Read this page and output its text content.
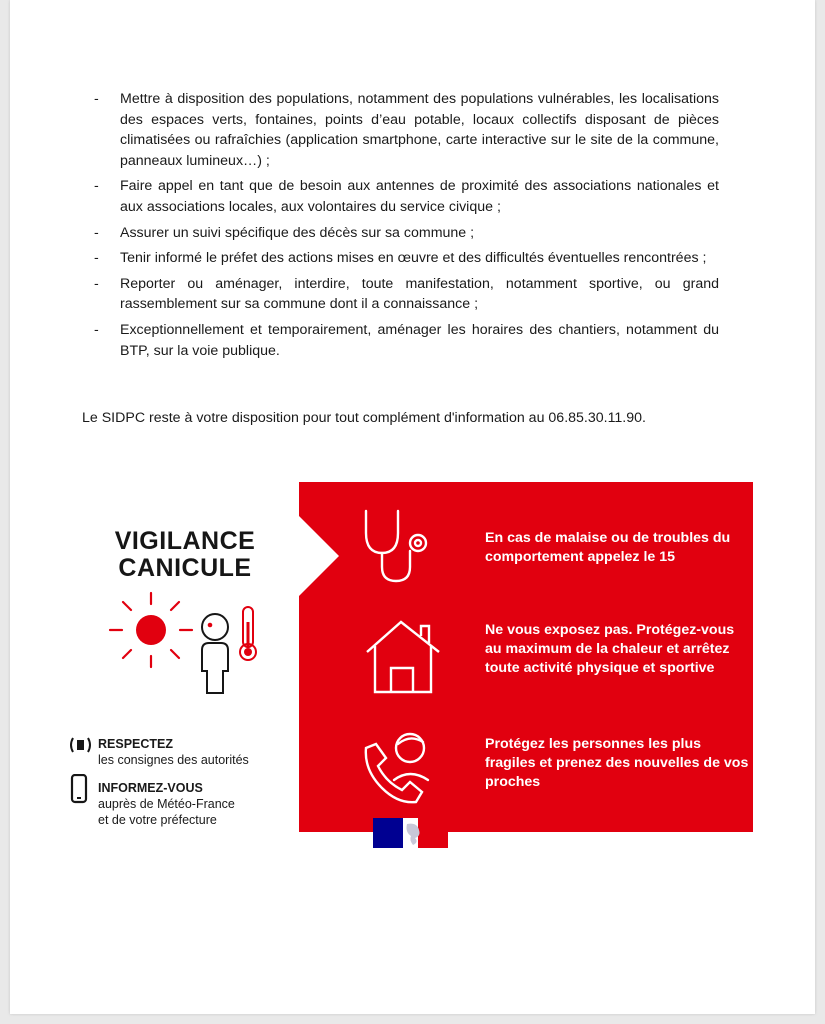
- Mettre à disposition des populations, notamment des populations vulnérables, les localisations des espaces verts, fontaines, points d’eau potable, locaux collectifs disposant de pièces climatisées ou rafraîchies (application smartphone, carte interactive sur le site de la commune, panneaux lumineux…) ;
- Faire appel en tant que de besoin aux antennes de proximité des associations nationales et aux associations locales, aux volontaires du service civique ;
- Assurer un suivi spécifique des décès sur sa commune ;
- Tenir informé le préfet des actions mises en œuvre et des difficultés éventuelles rencontrées ;
- Reporter ou aménager, interdire, toute manifestation, notamment sportive, ou grand rassemblement sur sa commune dont il a connaissance ;
- Exceptionnellement et temporairement, aménager les horaires des chantiers, notamment du BTP, sur la voie publique.
Le SIDPC reste à votre disposition pour tout complément d'information au 06.85.30.11.90.
VIGILANCE
CANICULE
RESPECTEZ
les consignes des autorités
INFORMEZ-VOUS
auprès de Météo-France
et de votre préfecture
En cas de malaise ou de troubles du comportement appelez le 15
Ne vous exposez pas. Protégez-vous au maximum de la chaleur et arrêtez toute activité physique et sportive
Protégez les personnes les plus fragiles et prenez des nouvelles de vos proches
